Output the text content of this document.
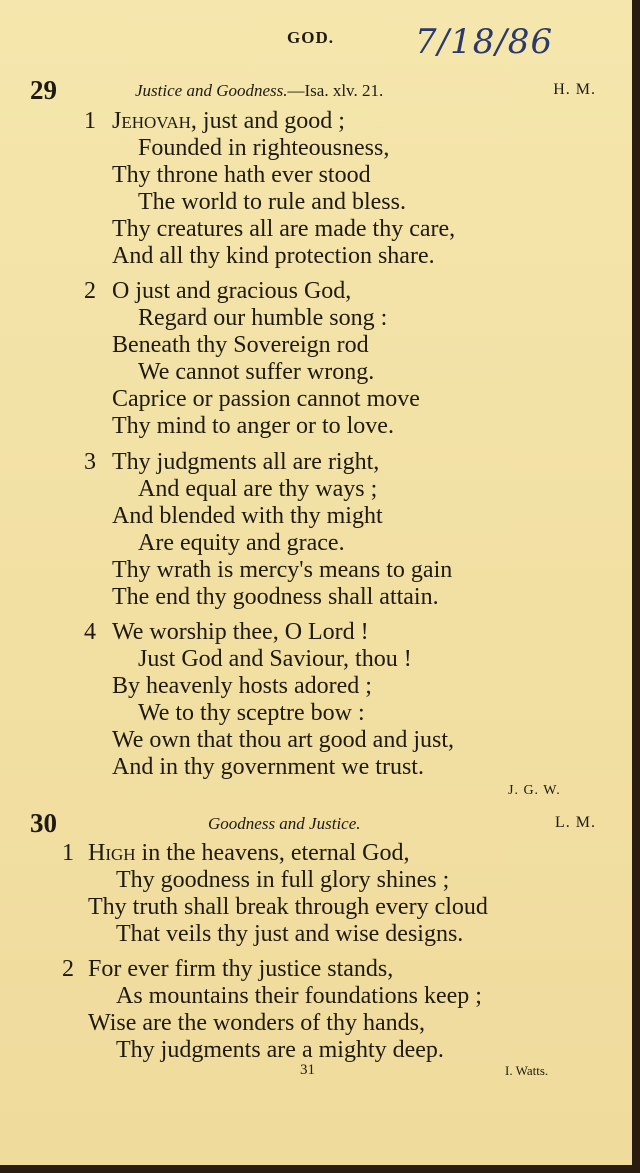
GOD. 7/18/86
29	Justice and Goodness.—Isa. xlv. 21.	H. M.
1 Jehovah, just and good ;
Founded in righteousness,
Thy throne hath ever stood
The world to rule and bless.
Thy creatures all are made thy care,
And all thy kind protection share.
2 O just and gracious God,
Regard our humble song :
Beneath thy Sovereign rod
We cannot suffer wrong.
Caprice or passion cannot move
Thy mind to anger or to love.
3 Thy judgments all are right,
And equal are thy ways ;
And blended with thy might
Are equity and grace.
Thy wrath is mercy's means to gain
The end thy goodness shall attain.
4 We worship thee, O Lord !
Just God and Saviour, thou !
By heavenly hosts adored ;
We to thy sceptre bow :
We own that thou art good and just,
And in thy government we trust.
J. G. W.
30	Goodness and Justice.	L. M.
1 High in the heavens, eternal God,
Thy goodness in full glory shines ;
Thy truth shall break through every cloud
That veils thy just and wise designs.
2 For ever firm thy justice stands,
As mountains their foundations keep ;
Wise are the wonders of thy hands,
Thy judgments are a mighty deep.
31	I. Watts.
